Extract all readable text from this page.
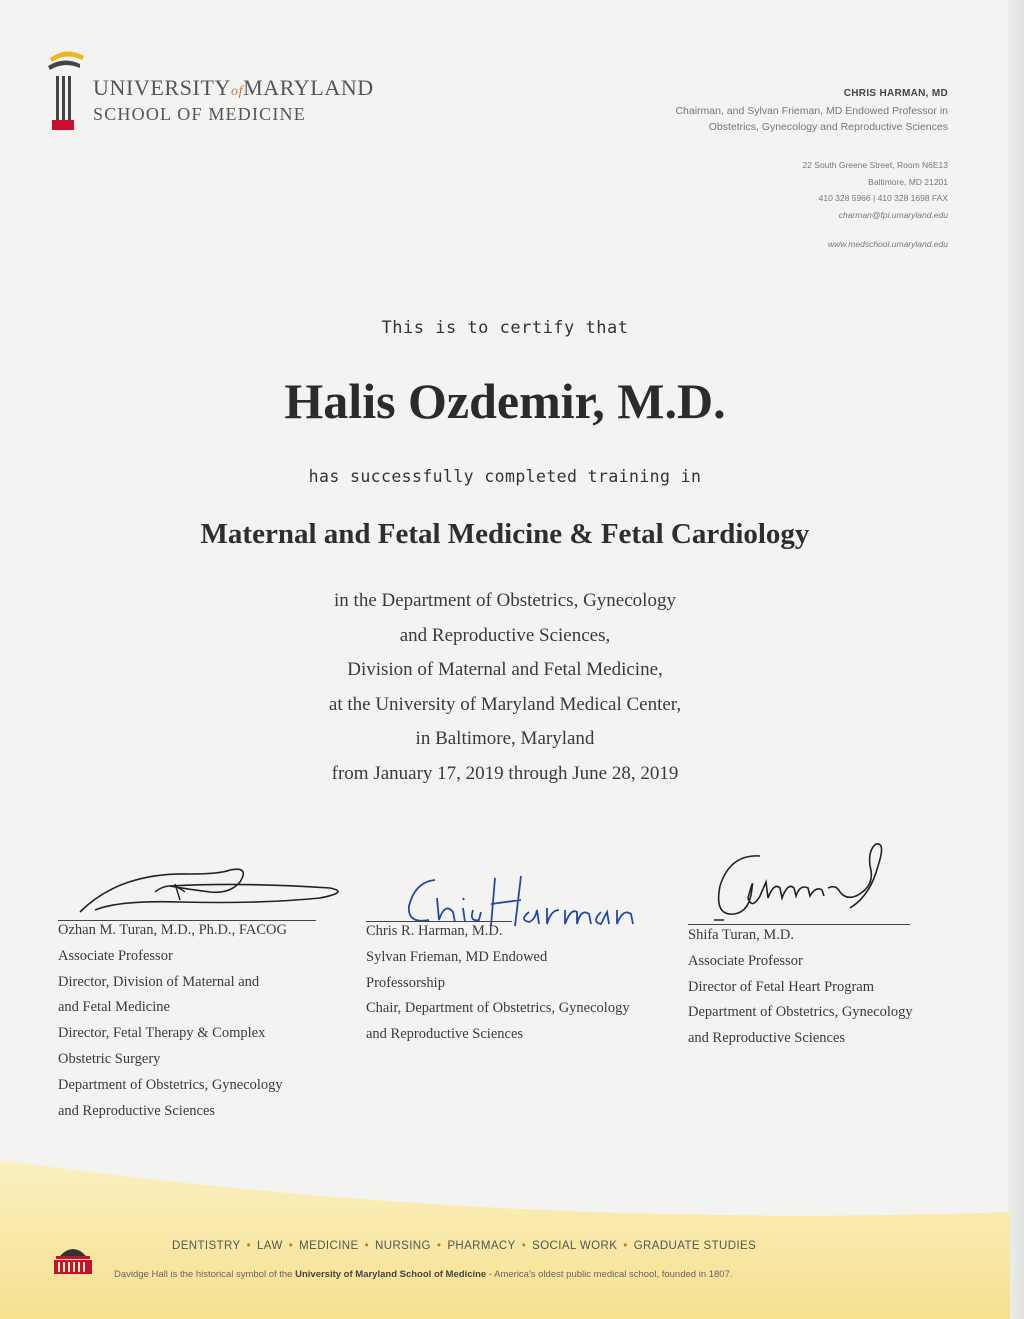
UNIVERSITYofMARYLAND
SCHOOL OF MEDICINE
CHRIS HARMAN, MD
Chairman, and Sylvan Frieman, MD Endowed Professor in
Obstetrics, Gynecology and Reproductive Sciences
22 South Greene Street, Room N6E13
Baltimore, MD 21201
410 328 5966 | 410 328 1698 FAX
charman@fpi.umaryland.edu
www.medschool.umaryland.edu
This is to certify that
Halis Ozdemir, M.D.
has successfully completed training in
Maternal and Fetal Medicine & Fetal Cardiology
in the Department of Obstetrics, Gynecology
and Reproductive Sciences,
Division of Maternal and Fetal Medicine,
at the University of Maryland Medical Center,
in Baltimore, Maryland
from January 17, 2019 through June 28, 2019
Ozhan M. Turan, M.D., Ph.D., FACOG
Associate Professor
Director, Division of Maternal and
and Fetal Medicine
Director, Fetal Therapy & Complex
Obstetric Surgery
Department of Obstetrics, Gynecology
and Reproductive Sciences
Chris R. Harman, M.D.
Sylvan Frieman, MD Endowed
Professorship
Chair, Department of Obstetrics, Gynecology
and Reproductive Sciences
Shifa Turan, M.D.
Associate Professor
Director of Fetal Heart Program
Department of Obstetrics, Gynecology
and Reproductive Sciences
DENTISTRY • LAW • MEDICINE • NURSING • PHARMACY • SOCIAL WORK • GRADUATE STUDIES
Davidge Hall is the historical symbol of the University of Maryland School of Medicine - America's oldest public medical school, founded in 1807.
